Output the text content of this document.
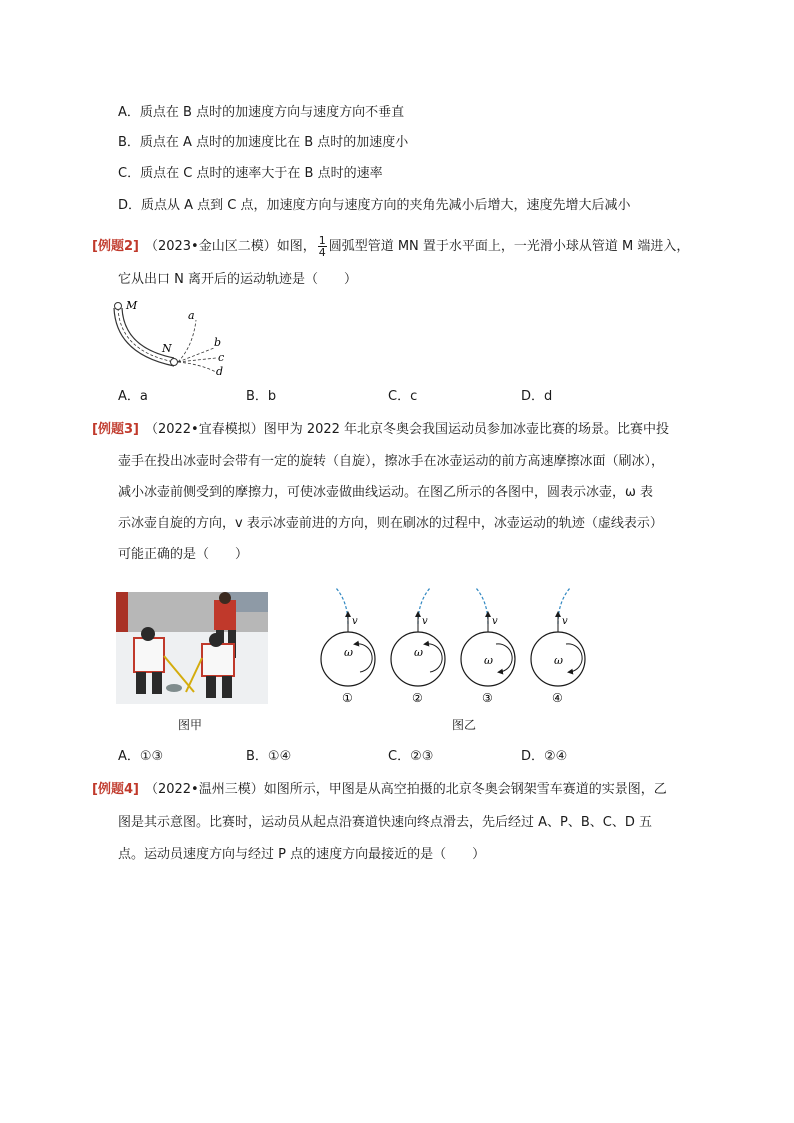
A．质点在 B 点时的加速度方向与速度方向不垂直
B．质点在 A 点时的加速度比在 B 点时的加速度小
C．质点在 C 点时的速率大于在 B 点时的速率
D．质点从 A 点到 C 点，加速度方向与速度方向的夹角先减小后增大，速度先增大后减小
[例题2] （2023•金山区二模）如图， $\frac{1}{4}$ 圆弧型管道 MN 置于水平面上，一光滑小球从管道 M 端进入，
它从出口 N 离开后的运动轨迹是（　　）
M
N
a
b
c
d
A．a	B．b	C．c	D．d
[例题3] （2022•宜春模拟）图甲为 2022 年北京冬奥会我国运动员参加冰壶比赛的场景。比赛中投
壶手在投出冰壶时会带有一定的旋转（自旋），擦冰手在冰壶运动的前方高速摩擦冰面（刷冰），
减小冰壶前侧受到的摩擦力，可使冰壶做曲线运动。在图乙所示的各图中，圆表示冰壶，ω 表
示冰壶自旋的方向，v 表示冰壶前进的方向，则在刷冰的过程中，冰壶运动的轨迹（虚线表示）
可能正确的是（　　）
v	v	v	v
ω	ω
ω	ω
①	②	③	④
图甲	图乙
A．①③	B．①④	C．②③	D．②④
[例题4] （2022•温州三模）如图所示，甲图是从高空拍摄的北京冬奥会钢架雪车赛道的实景图，乙
图是其示意图。比赛时，运动员从起点沿赛道快速向终点滑去，先后经过 A、P、B、C、D 五
点。运动员速度方向与经过 P 点的速度方向最接近的是（　　）
